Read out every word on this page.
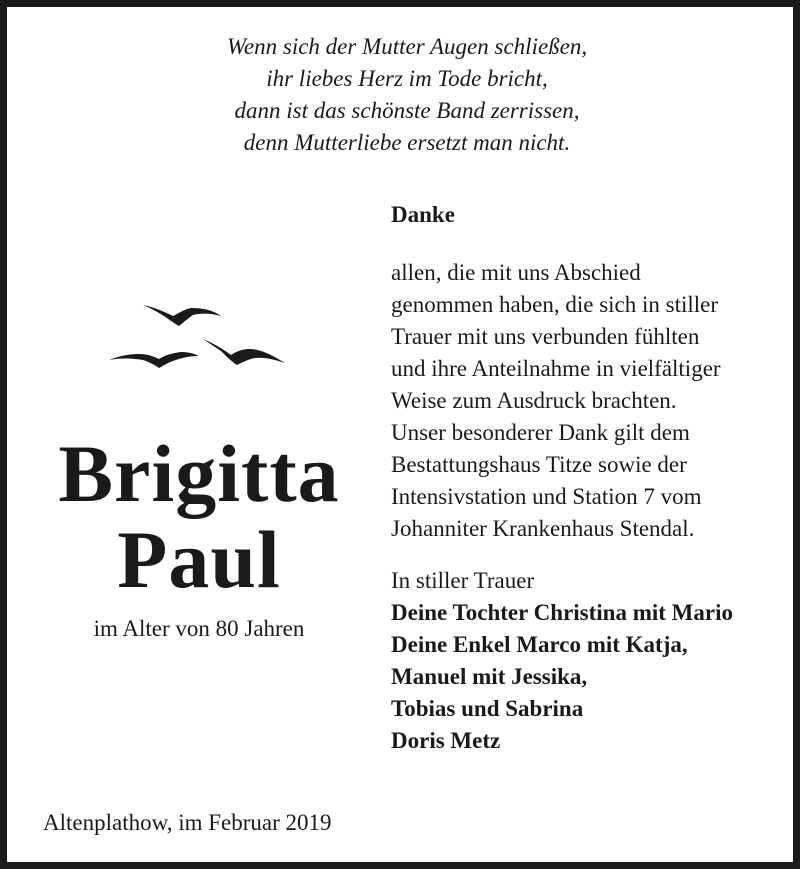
Wenn sich der Mutter Augen schließen,
ihr liebes Herz im Tode bricht,
dann ist das schönste Band zerrissen,
denn Mutterliebe ersetzt man nicht.
Brigitta
Paul
im Alter von 80 Jahren
Danke
allen, die mit uns Abschied
genommen haben, die sich in stiller
Trauer mit uns verbunden fühlten
und ihre Anteilnahme in vielfältiger
Weise zum Ausdruck brachten.
Unser besonderer Dank gilt dem
Bestattungshaus Titze sowie der
Intensivstation und Station 7 vom
Johanniter Krankenhaus Stendal.
In stiller Trauer
Deine Tochter Christina mit Mario
Deine Enkel Marco mit Katja,
Manuel mit Jessika,
Tobias und Sabrina
Doris Metz
Altenplathow, im Februar 2019
